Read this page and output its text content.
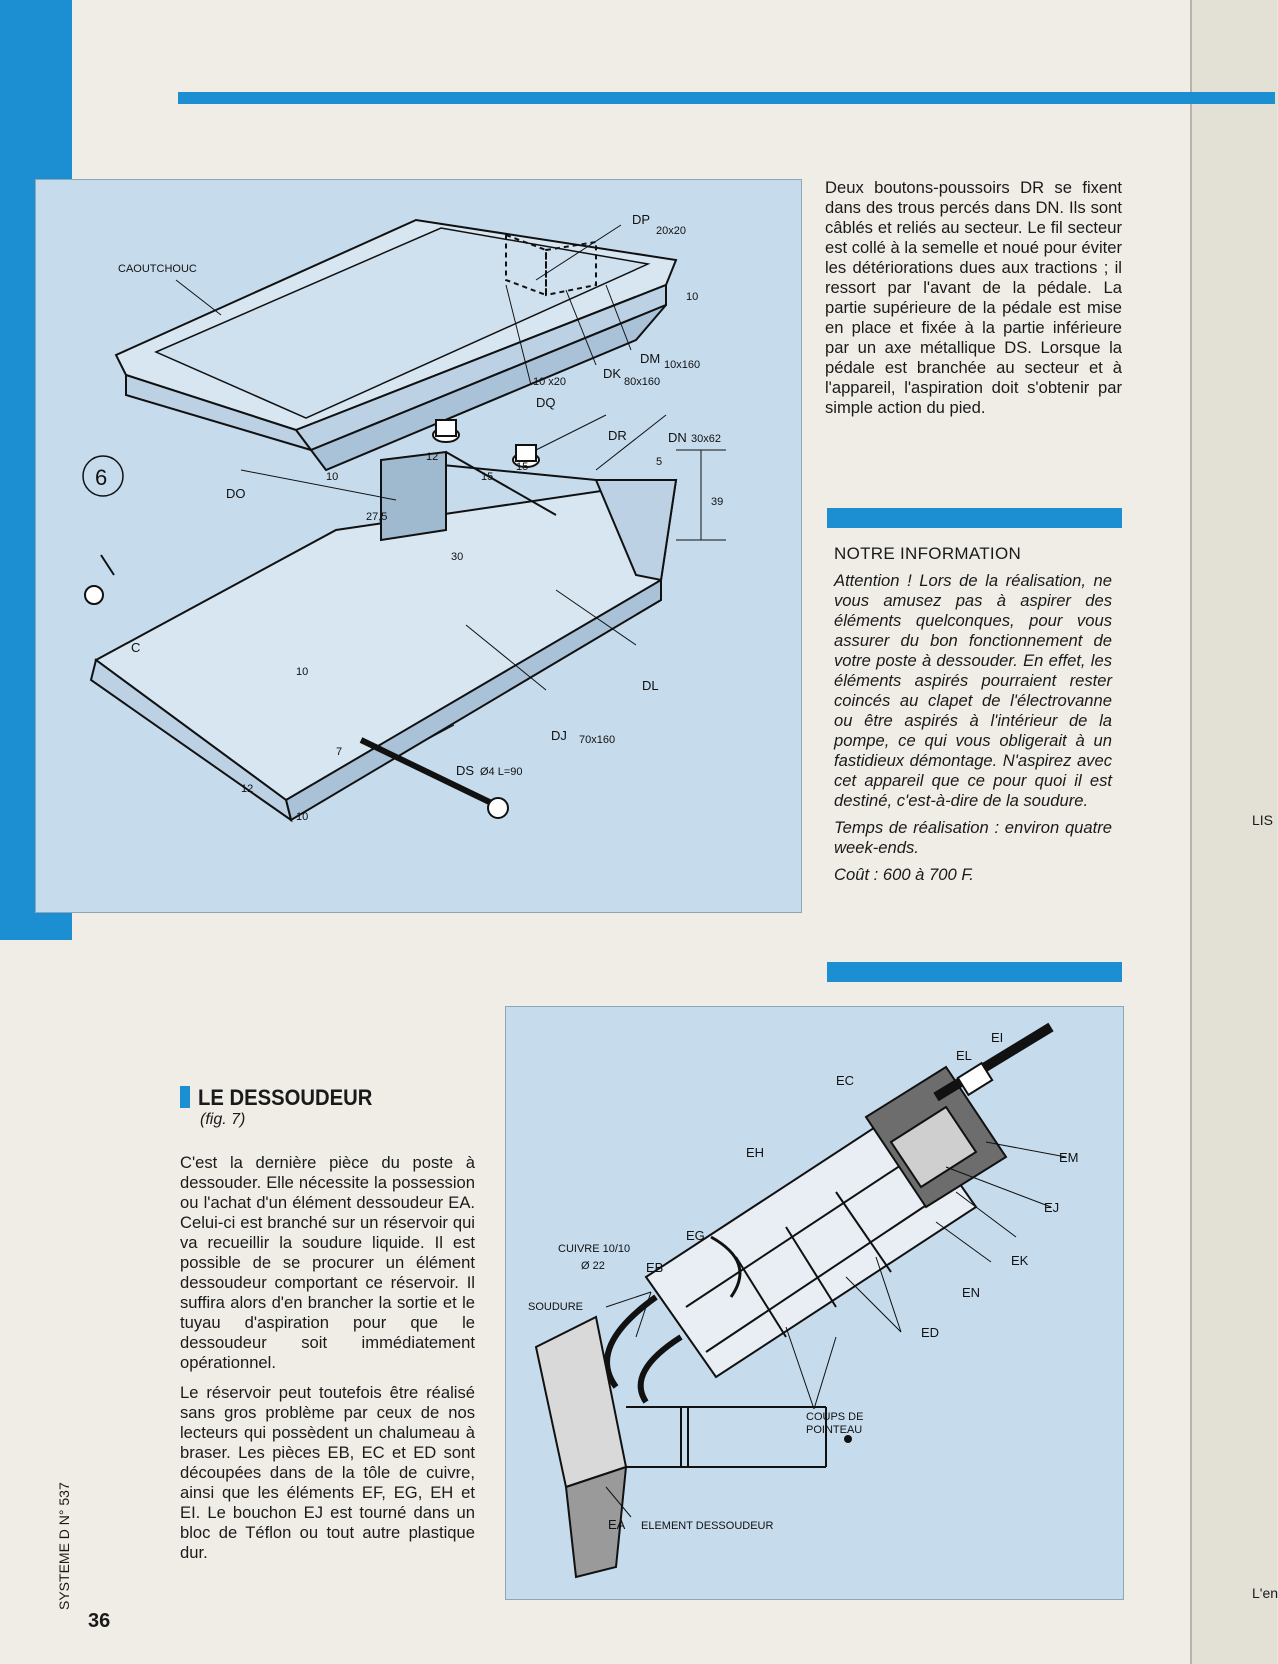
6
CAOUTCHOUC
DP
20x20
DM 10x160
DK
80x160
10 x20
DQ
DR	DN 30x62
DO
DL
DJ 70x160
DS Ø4 L=90
C
12
15
15
27,5
30
5
39
10
12
10
7
10
10
Deux boutons-poussoirs DR se fixent dans des trous percés dans DN. Ils sont câblés et reliés au secteur. Le fil secteur est collé à la semelle et noué pour éviter les détériorations dues aux tractions ; il ressort par l'avant de la pédale. La partie supérieure de la pédale est mise en place et fixée à la partie inférieure par un axe métallique DS. Lorsque la pédale est branchée au secteur et à l'appareil, l'aspiration doit s'obtenir par simple action du pied.
NOTRE INFORMATION

Attention ! Lors de la réalisation, ne vous amusez pas à aspirer des éléments quelconques, pour vous assurer du bon fonctionnement de votre poste à dessouder. En effet, les éléments aspirés pourraient rester coincés au clapet de l'électrovanne ou être aspirés à l'intérieur de la pompe, ce qui vous obligerait à un fastidieux démontage. N'aspirez avec cet appareil que ce pour quoi il est destiné, c'est-à-dire de la soudure.

Temps de réalisation : environ quatre week-ends.

Coût : 600 à 700 F.

LE DESSOUDEUR
(fig. 7)

C'est la dernière pièce du poste à dessouder. Elle nécessite la possession ou l'achat d'un élément dessoudeur EA. Celui-ci est branché sur un réservoir qui va recueillir la soudure liquide. Il est possible de se procurer un élément dessoudeur comportant ce réservoir. Il suffira alors d'en brancher la sortie et le tuyau d'aspiration pour que le dessoudeur soit immédiatement opérationnel.

Le réservoir peut toutefois être réalisé sans gros problème par ceux de nos lecteurs qui possèdent un chalumeau à braser. Les pièces EB, EC et ED sont découpées dans de la tôle de cuivre, ainsi que les éléments EF, EG, EH et EI. Le bouchon EJ est tourné dans un bloc de Téflon ou tout autre plastique dur.

EL
EI
EC
EM
EH
EJ
EK
EG
EN
EB
ED
EA
CUIVRE 10/10
Ø 22
SOUDURE
COUPS DE
POINTEAU
ELEMENT DESSOUDEUR
SYSTEME D N° 537
36
LIS
L'en
